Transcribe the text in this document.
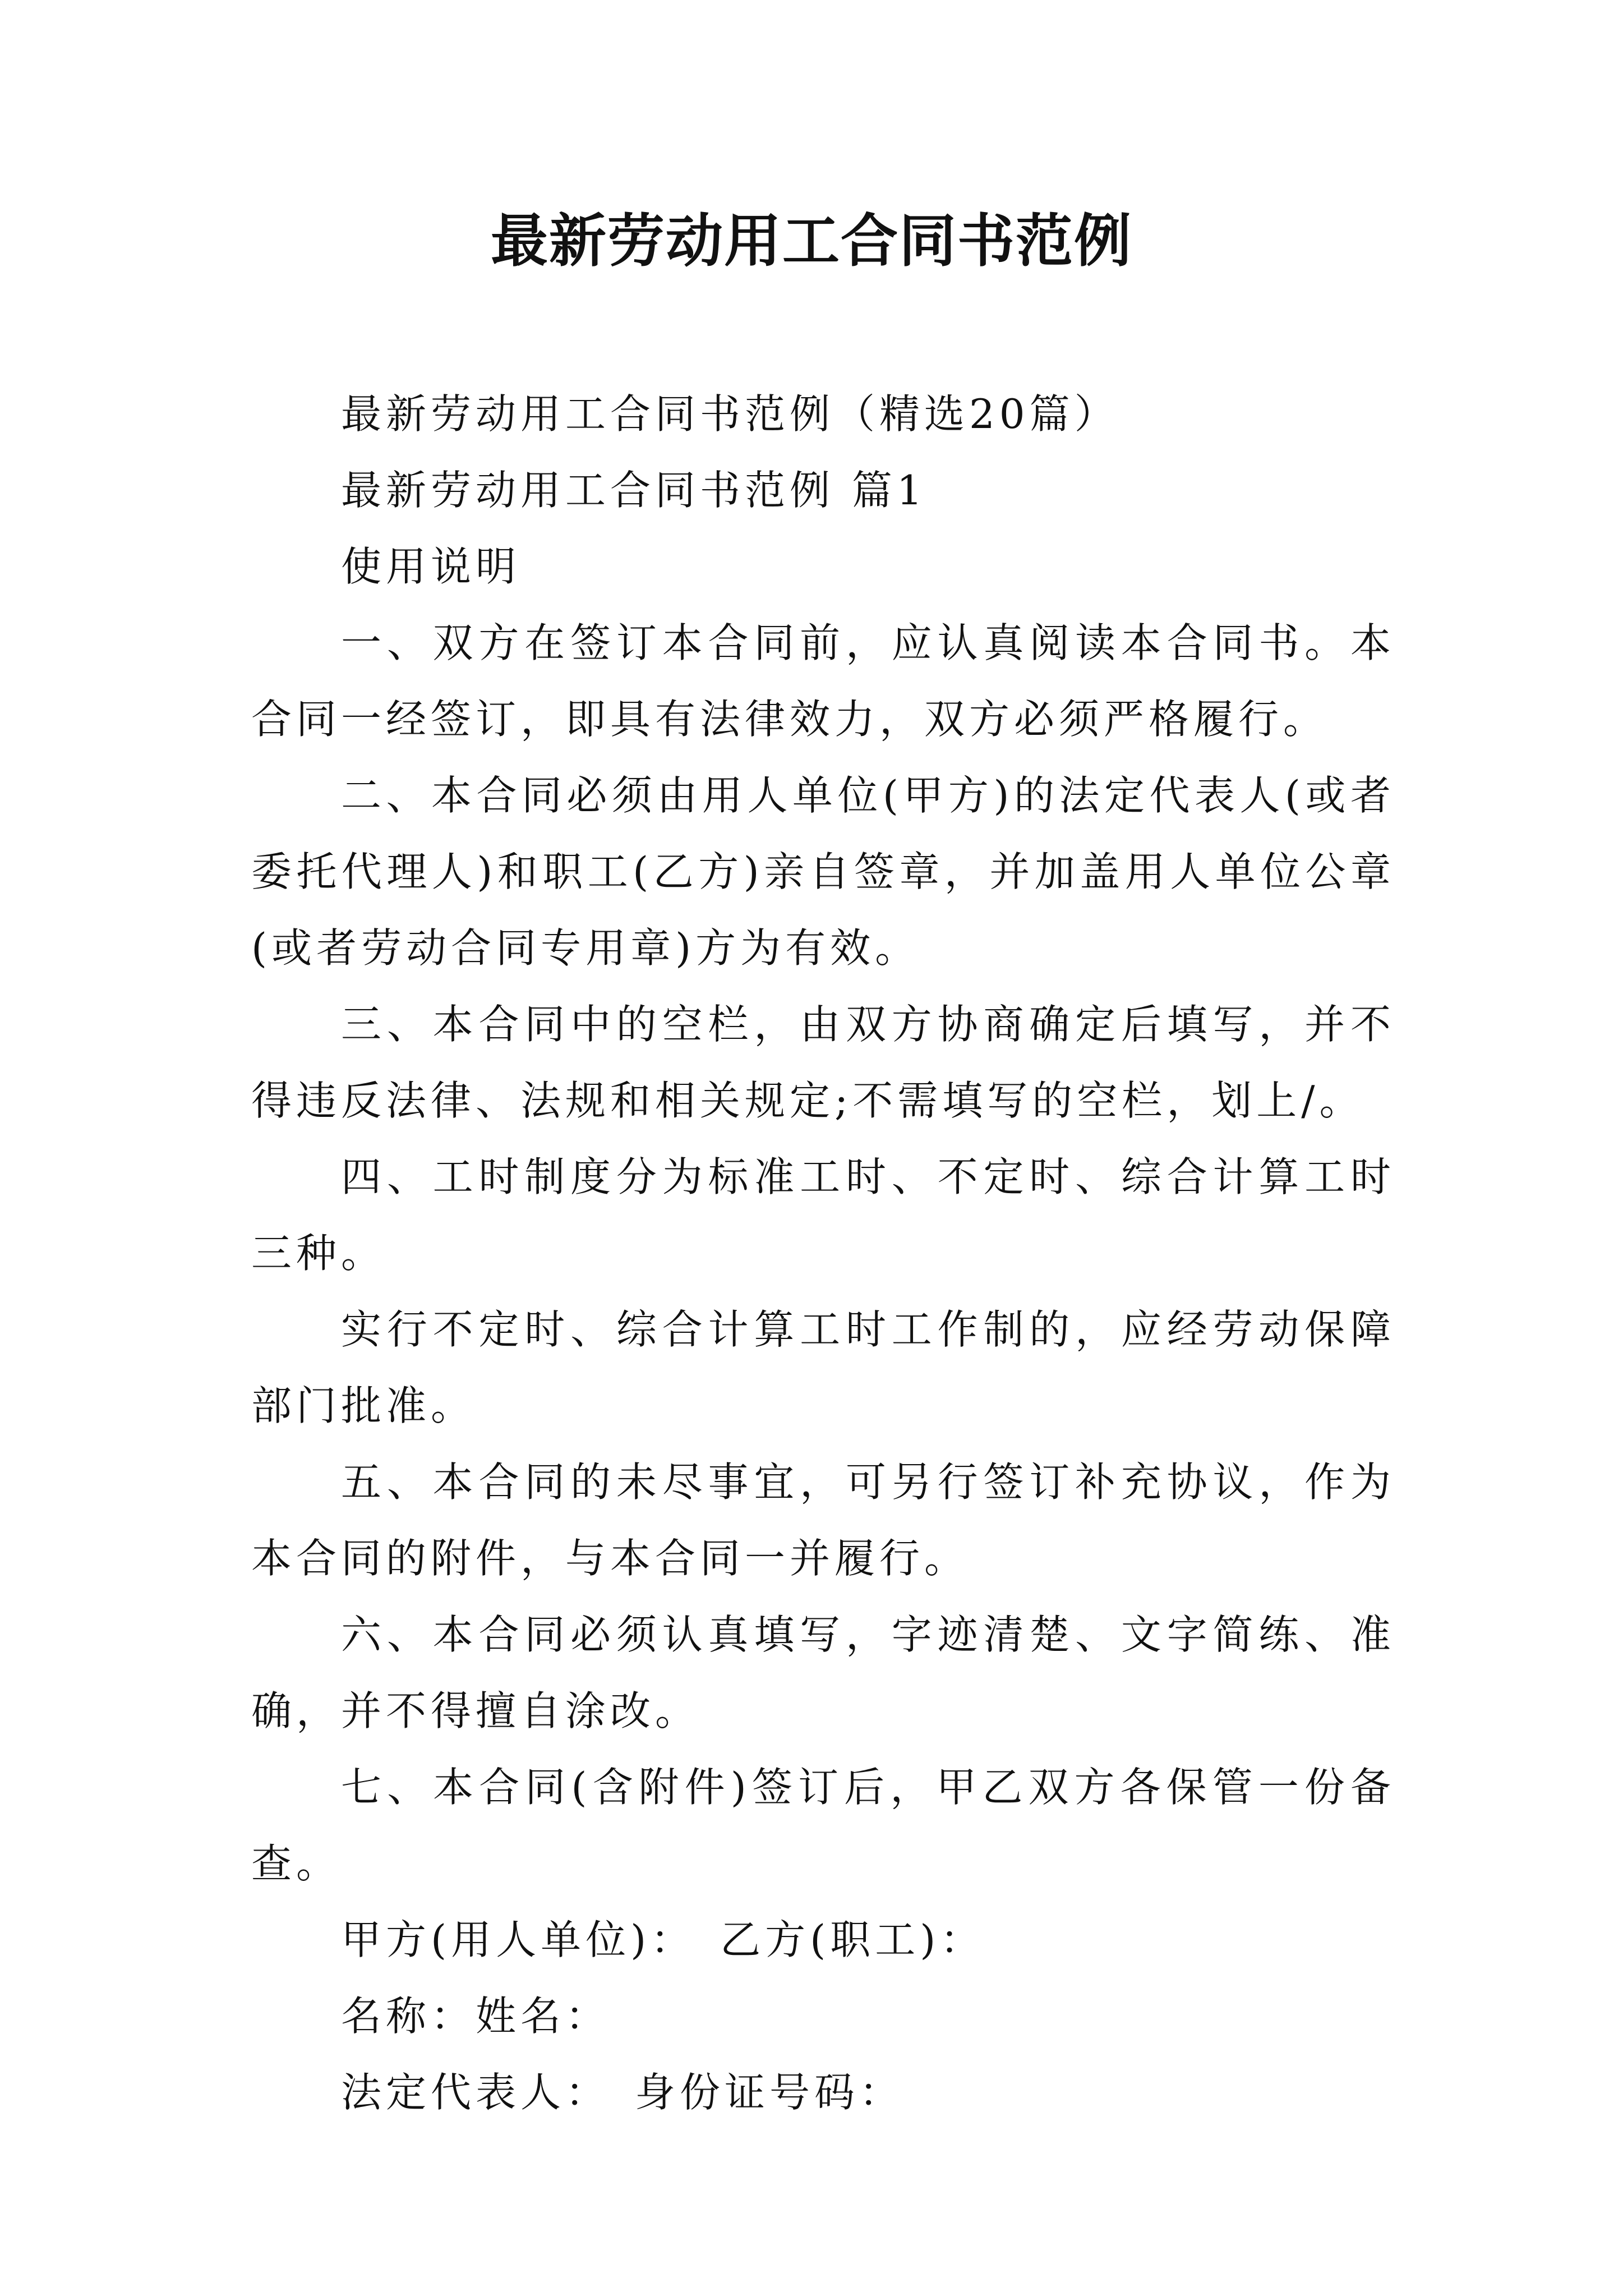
最新劳动用工合同书范例

最新劳动用工合同书范例（精选20篇）

最新劳动用工合同书范例 篇1

使用说明

一、双方在签订本合同前，应认真阅读本合同书。本合同一经签订，即具有法律效力，双方必须严格履行。

二、本合同必须由用人单位(甲方)的法定代表人(或者委托代理人)和职工(乙方)亲自签章，并加盖用人单位公章(或者劳动合同专用章)方为有效。

三、本合同中的空栏，由双方协商确定后填写，并不得违反法律、法规和相关规定;不需填写的空栏，划上/。

四、工时制度分为标准工时、不定时、综合计算工时三种。

实行不定时、综合计算工时工作制的，应经劳动保障部门批准。

五、本合同的未尽事宜，可另行签订补充协议，作为本合同的附件，与本合同一并履行。

六、本合同必须认真填写，字迹清楚、文字简练、准确，并不得擅自涂改。

七、本合同(含附件)签订后，甲乙双方各保管一份备查。

甲方(用人单位)：　乙方(职工)：

名称：姓名：

法定代表人：　身份证号码：
